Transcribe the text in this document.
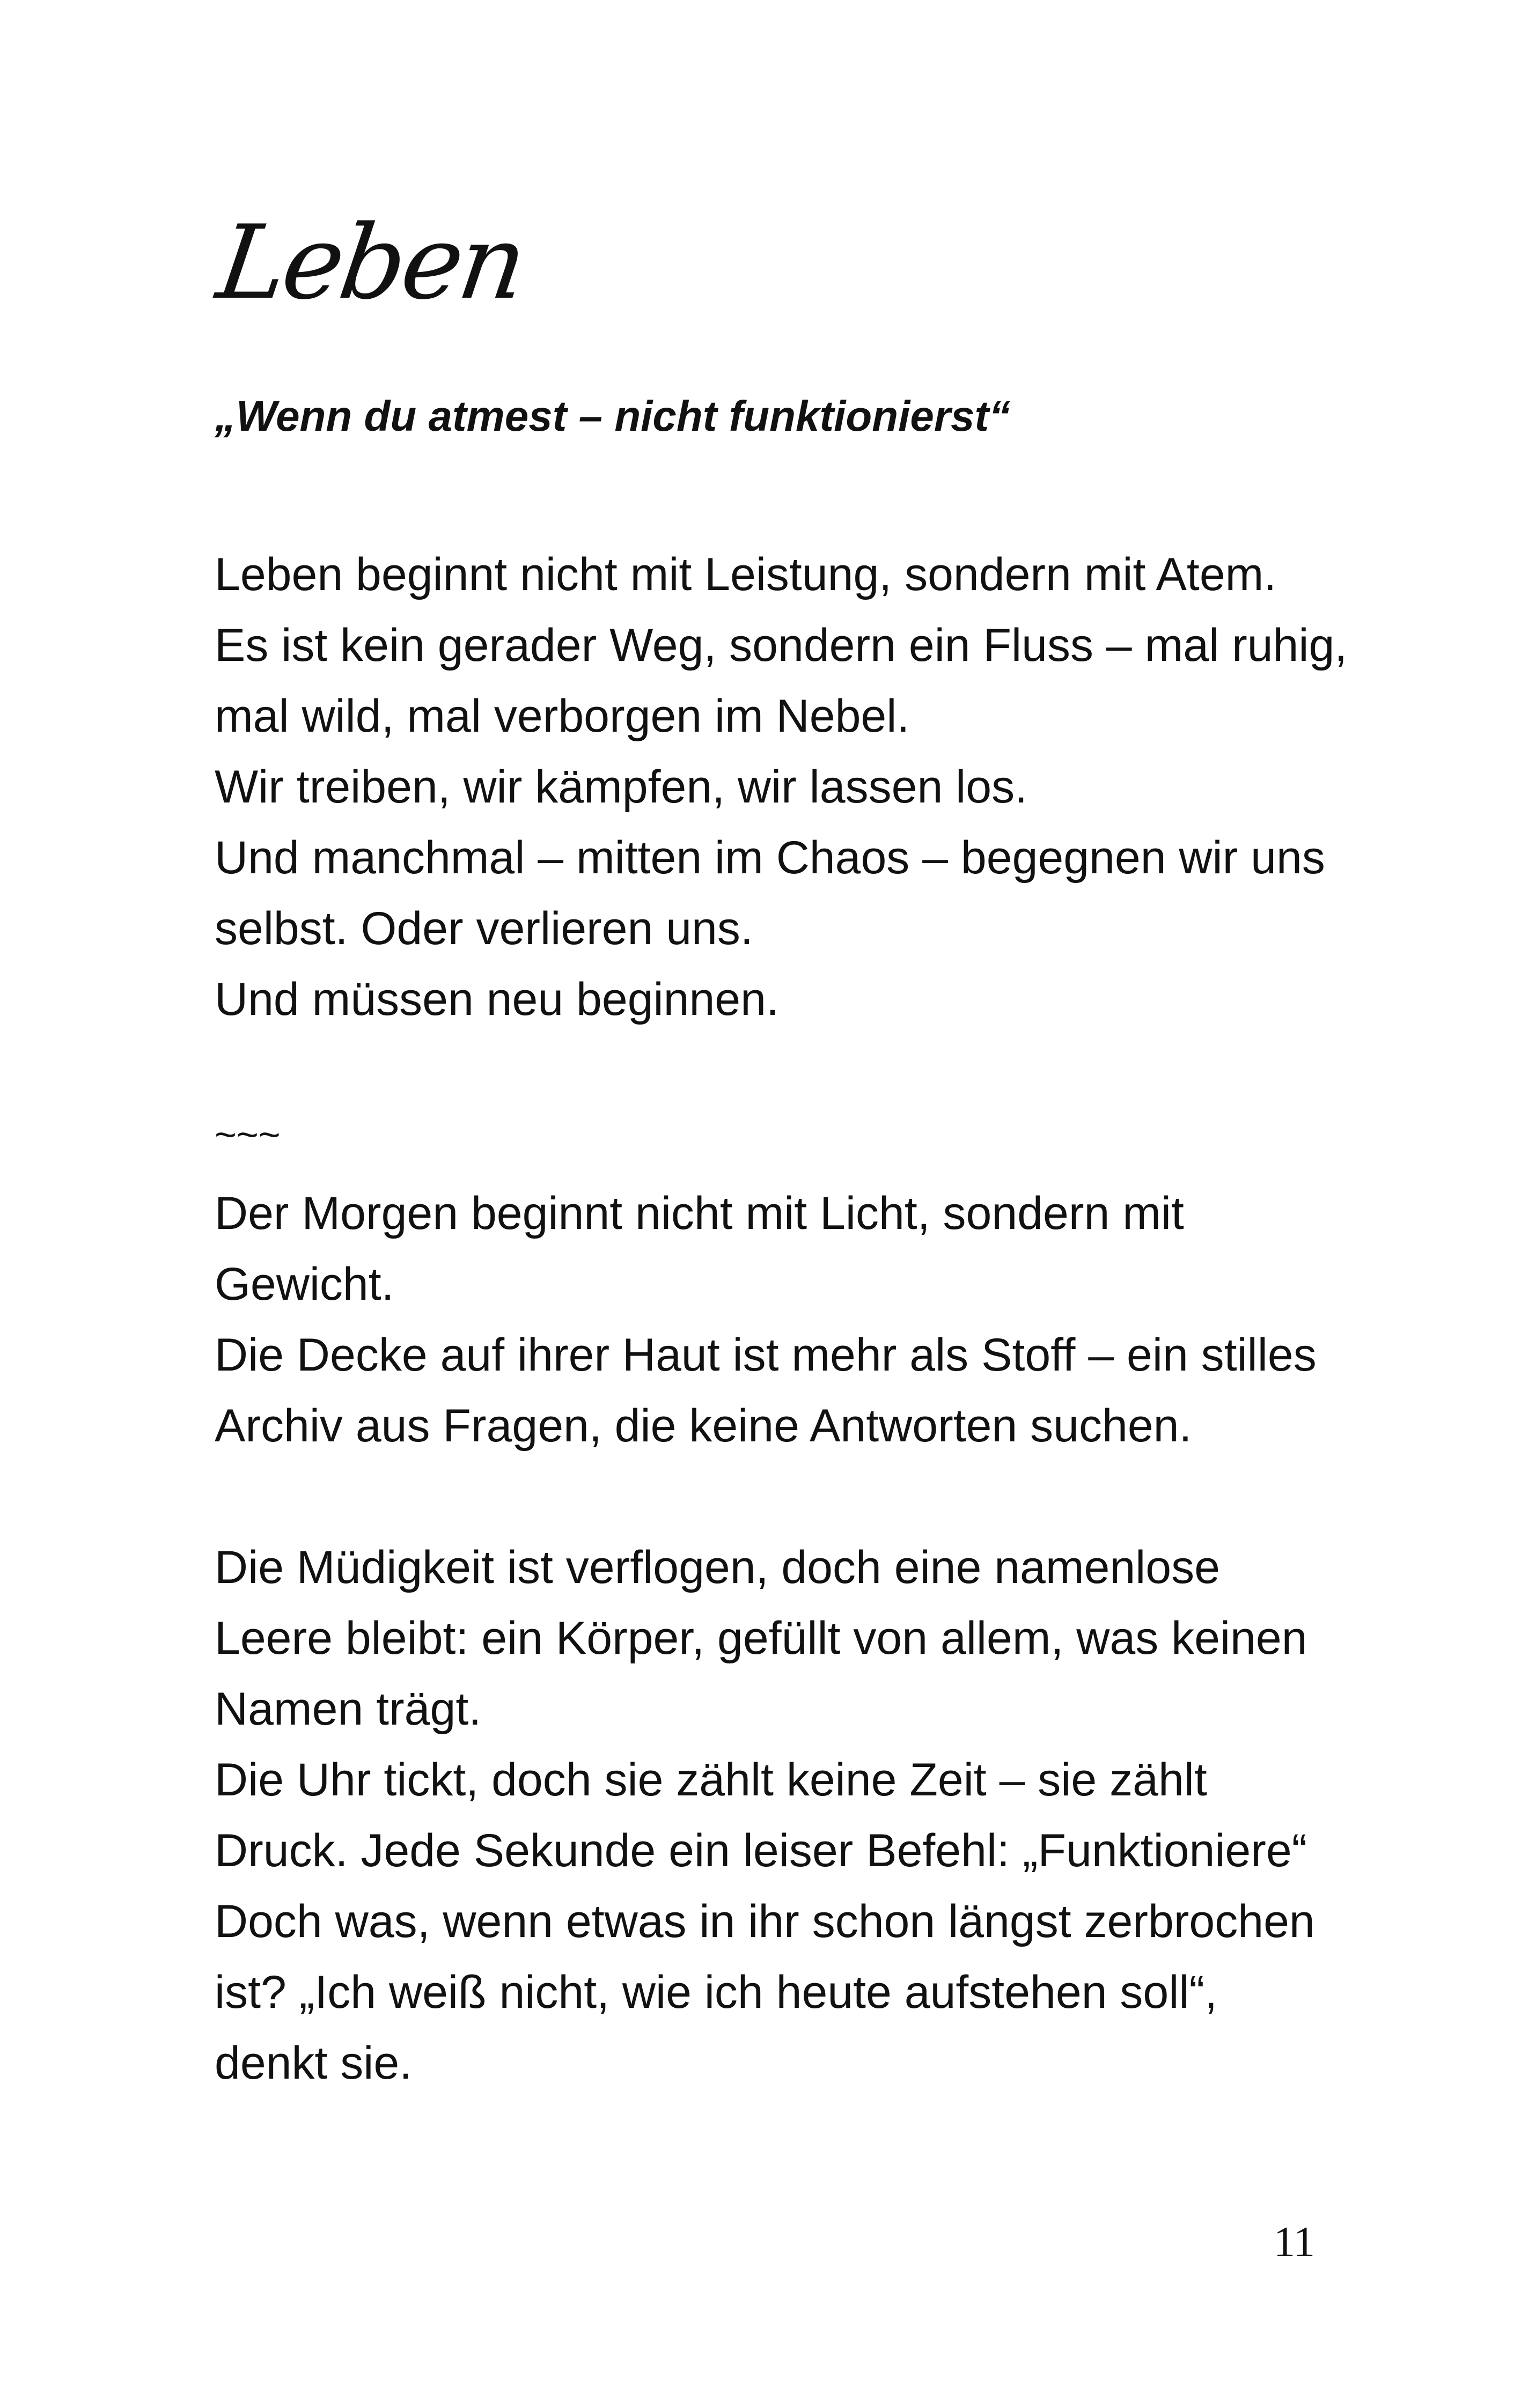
Leben

„Wenn du atmest – nicht funktionierst“

Leben beginnt nicht mit Leistung, sondern mit Atem.
Es ist kein gerader Weg, sondern ein Fluss – mal ruhig,
mal wild, mal verborgen im Nebel.
Wir treiben, wir kämpfen, wir lassen los.
Und manchmal – mitten im Chaos – begegnen wir uns
selbst. Oder verlieren uns.
Und müssen neu beginnen.
~~~
Der Morgen beginnt nicht mit Licht, sondern mit
Gewicht.
Die Decke auf ihrer Haut ist mehr als Stoff – ein stilles
Archiv aus Fragen, die keine Antworten suchen.
Die Müdigkeit ist verflogen, doch eine namenlose
Leere bleibt: ein Körper, gefüllt von allem, was keinen
Namen trägt.
Die Uhr tickt, doch sie zählt keine Zeit – sie zählt
Druck. Jede Sekunde ein leiser Befehl: „Funktioniere“
Doch was, wenn etwas in ihr schon längst zerbrochen
ist? „Ich weiß nicht, wie ich heute aufstehen soll“,
denkt sie.
11
